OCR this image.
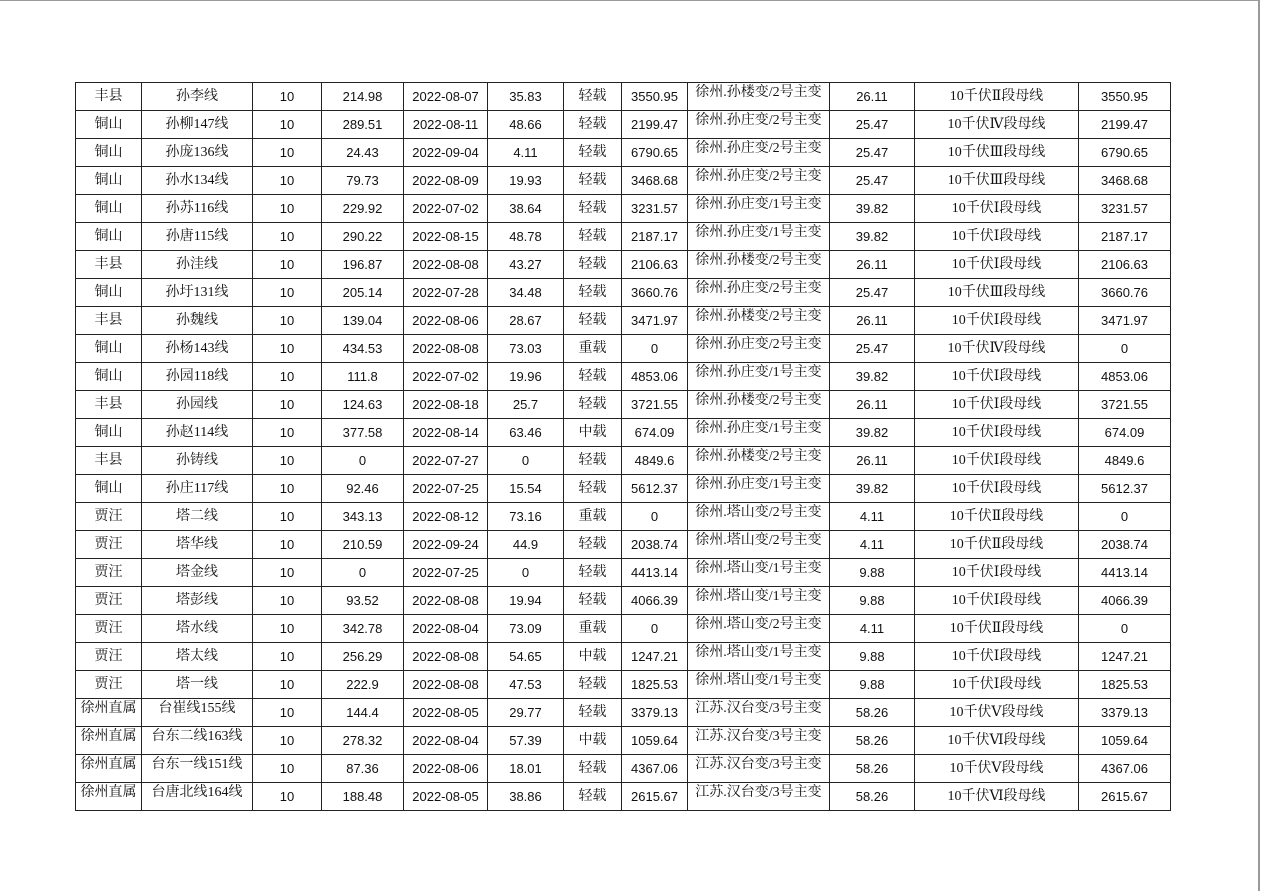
丰县	孙李线	10	214.98	2022-08-07	35.83	轻载	3550.95	徐州.孙楼变/2号主变	26.11	10千伏Ⅱ段母线	3550.95
铜山	孙柳147线	10	289.51	2022-08-11	48.66	轻载	2199.47	徐州.孙庄变/2号主变	25.47	10千伏Ⅳ段母线	2199.47
铜山	孙庞136线	10	24.43	2022-09-04	4.11	轻载	6790.65	徐州.孙庄变/2号主变	25.47	10千伏Ⅲ段母线	6790.65
铜山	孙水134线	10	79.73	2022-08-09	19.93	轻载	3468.68	徐州.孙庄变/2号主变	25.47	10千伏Ⅲ段母线	3468.68
铜山	孙苏116线	10	229.92	2022-07-02	38.64	轻载	3231.57	徐州.孙庄变/1号主变	39.82	10千伏Ⅰ段母线	3231.57
铜山	孙唐115线	10	290.22	2022-08-15	48.78	轻载	2187.17	徐州.孙庄变/1号主变	39.82	10千伏Ⅰ段母线	2187.17
丰县	孙洼线	10	196.87	2022-08-08	43.27	轻载	2106.63	徐州.孙楼变/2号主变	26.11	10千伏Ⅰ段母线	2106.63
铜山	孙圩131线	10	205.14	2022-07-28	34.48	轻载	3660.76	徐州.孙庄变/2号主变	25.47	10千伏Ⅲ段母线	3660.76
丰县	孙魏线	10	139.04	2022-08-06	28.67	轻载	3471.97	徐州.孙楼变/2号主变	26.11	10千伏Ⅰ段母线	3471.97
铜山	孙杨143线	10	434.53	2022-08-08	73.03	重载	0	徐州.孙庄变/2号主变	25.47	10千伏Ⅳ段母线	0
铜山	孙园118线	10	111.8	2022-07-02	19.96	轻载	4853.06	徐州.孙庄变/1号主变	39.82	10千伏Ⅰ段母线	4853.06
丰县	孙园线	10	124.63	2022-08-18	25.7	轻载	3721.55	徐州.孙楼变/2号主变	26.11	10千伏Ⅰ段母线	3721.55
铜山	孙赵114线	10	377.58	2022-08-14	63.46	中载	674.09	徐州.孙庄变/1号主变	39.82	10千伏Ⅰ段母线	674.09
丰县	孙铸线	10	0	2022-07-27	0	轻载	4849.6	徐州.孙楼变/2号主变	26.11	10千伏Ⅰ段母线	4849.6
铜山	孙庄117线	10	92.46	2022-07-25	15.54	轻载	5612.37	徐州.孙庄变/1号主变	39.82	10千伏Ⅰ段母线	5612.37
贾汪	塔二线	10	343.13	2022-08-12	73.16	重载	0	徐州.塔山变/2号主变	4.11	10千伏Ⅱ段母线	0
贾汪	塔华线	10	210.59	2022-09-24	44.9	轻载	2038.74	徐州.塔山变/2号主变	4.11	10千伏Ⅱ段母线	2038.74
贾汪	塔金线	10	0	2022-07-25	0	轻载	4413.14	徐州.塔山变/1号主变	9.88	10千伏Ⅰ段母线	4413.14
贾汪	塔彭线	10	93.52	2022-08-08	19.94	轻载	4066.39	徐州.塔山变/1号主变	9.88	10千伏Ⅰ段母线	4066.39
贾汪	塔水线	10	342.78	2022-08-04	73.09	重载	0	徐州.塔山变/2号主变	4.11	10千伏Ⅱ段母线	0
贾汪	塔太线	10	256.29	2022-08-08	54.65	中载	1247.21	徐州.塔山变/1号主变	9.88	10千伏Ⅰ段母线	1247.21
贾汪	塔一线	10	222.9	2022-08-08	47.53	轻载	1825.53	徐州.塔山变/1号主变	9.88	10千伏Ⅰ段母线	1825.53

徐州直属	台崔线155线	10	144.4	2022-08-05	29.77	轻载	3379.13	江苏.汉台变/3号主变	58.26	10千伏Ⅴ段母线	3379.13

徐州直属	台东二线163线	10	278.32	2022-08-04	57.39	中载	1059.64	江苏.汉台变/3号主变	58.26	10千伏Ⅵ段母线	1059.64

徐州直属	台东一线151线	10	87.36	2022-08-06	18.01	轻载	4367.06	江苏.汉台变/3号主变	58.26	10千伏Ⅴ段母线	4367.06

徐州直属	台唐北线164线	10	188.48	2022-08-05	38.86	轻载	2615.67	江苏.汉台变/3号主变	58.26	10千伏Ⅵ段母线	2615.67
